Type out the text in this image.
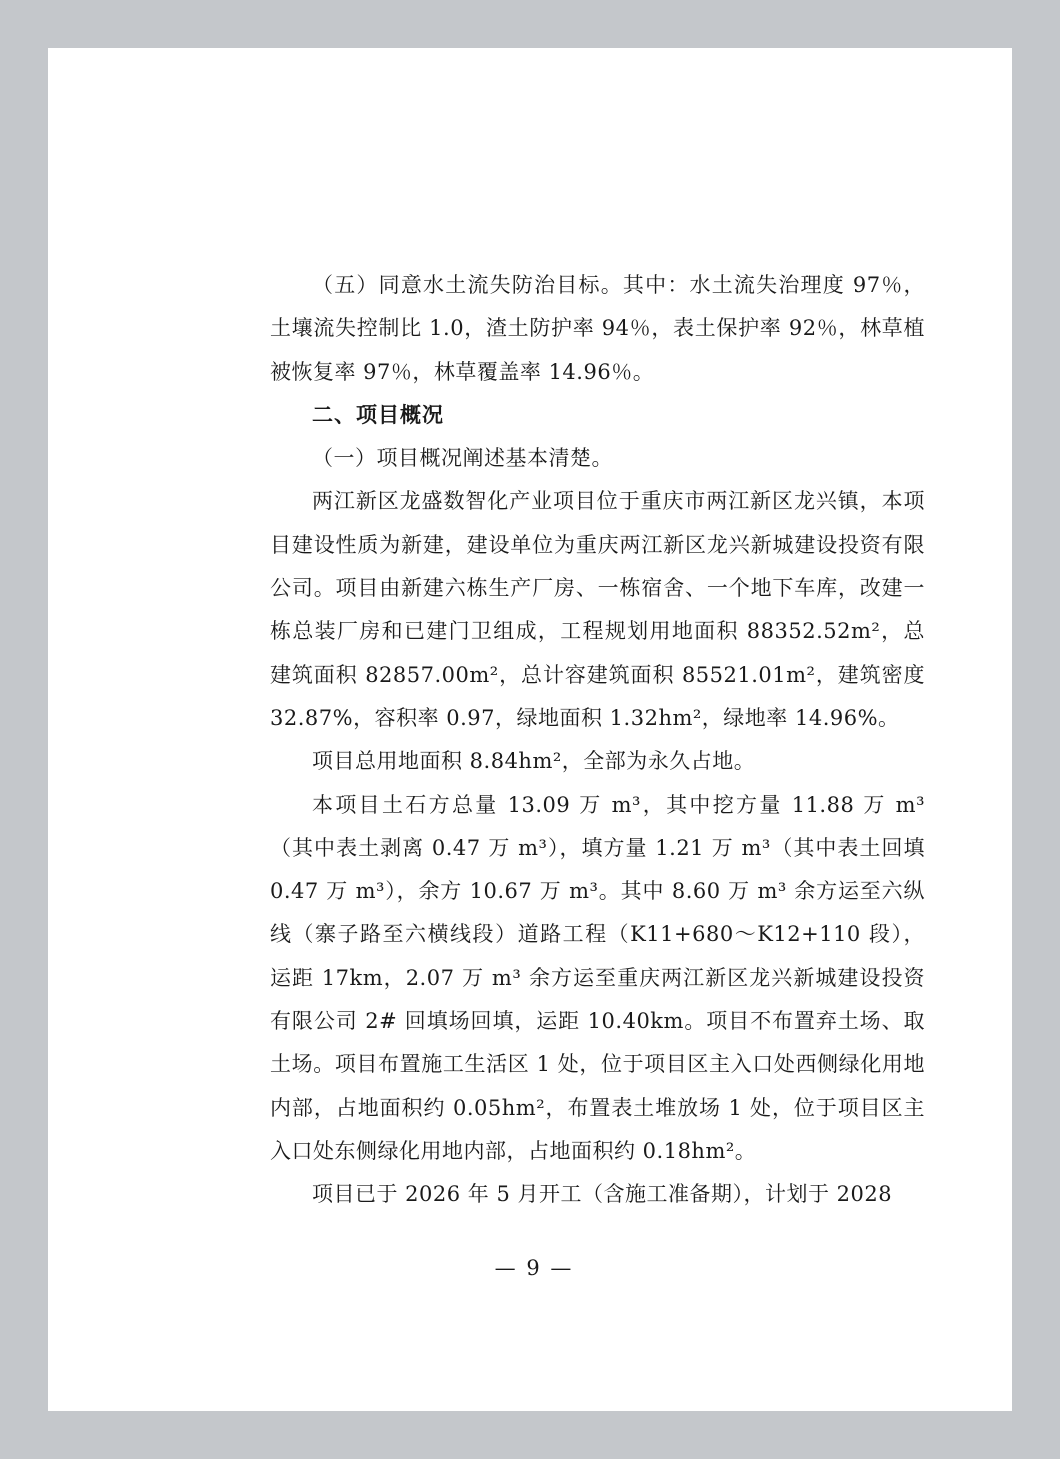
（五）同意水土流失防治目标。其中：水土流失治理度 97％，土壤流失控制比 1.0，渣土防护率 94％，表土保护率 92％，林草植被恢复率 97％，林草覆盖率 14.96％。

二、项目概况

（一）项目概况阐述基本清楚。

两江新区龙盛数智化产业项目位于重庆市两江新区龙兴镇，本项目建设性质为新建，建设单位为重庆两江新区龙兴新城建设投资有限公司。项目由新建六栋生产厂房、一栋宿舍、一个地下车库，改建一栋总装厂房和已建门卫组成，工程规划用地面积 88352.52m²，总建筑面积 82857.00m²，总计容建筑面积 85521.01m²，建筑密度 32.87%，容积率 0.97，绿地面积 1.32hm²，绿地率 14.96%。

项目总用地面积 8.84hm²，全部为永久占地。

本项目土石方总量 13.09 万 m³，其中挖方量 11.88 万 m³（其中表土剥离 0.47 万 m³），填方量 1.21 万 m³（其中表土回填 0.47 万 m³），余方 10.67 万 m³。其中 8.60 万 m³ 余方运至六纵线（寨子路至六横线段）道路工程（K11+680～K12+110 段），运距 17km，2.07 万 m³ 余方运至重庆两江新区龙兴新城建设投资有限公司 2# 回填场回填，运距 10.40km。项目不布置弃土场、取土场。项目布置施工生活区 1 处，位于项目区主入口处西侧绿化用地内部，占地面积约 0.05hm²，布置表土堆放场 1 处，位于项目区主入口处东侧绿化用地内部，占地面积约 0.18hm²。

项目已于 2026 年 5 月开工（含施工准备期），计划于 2028

— 9 —
